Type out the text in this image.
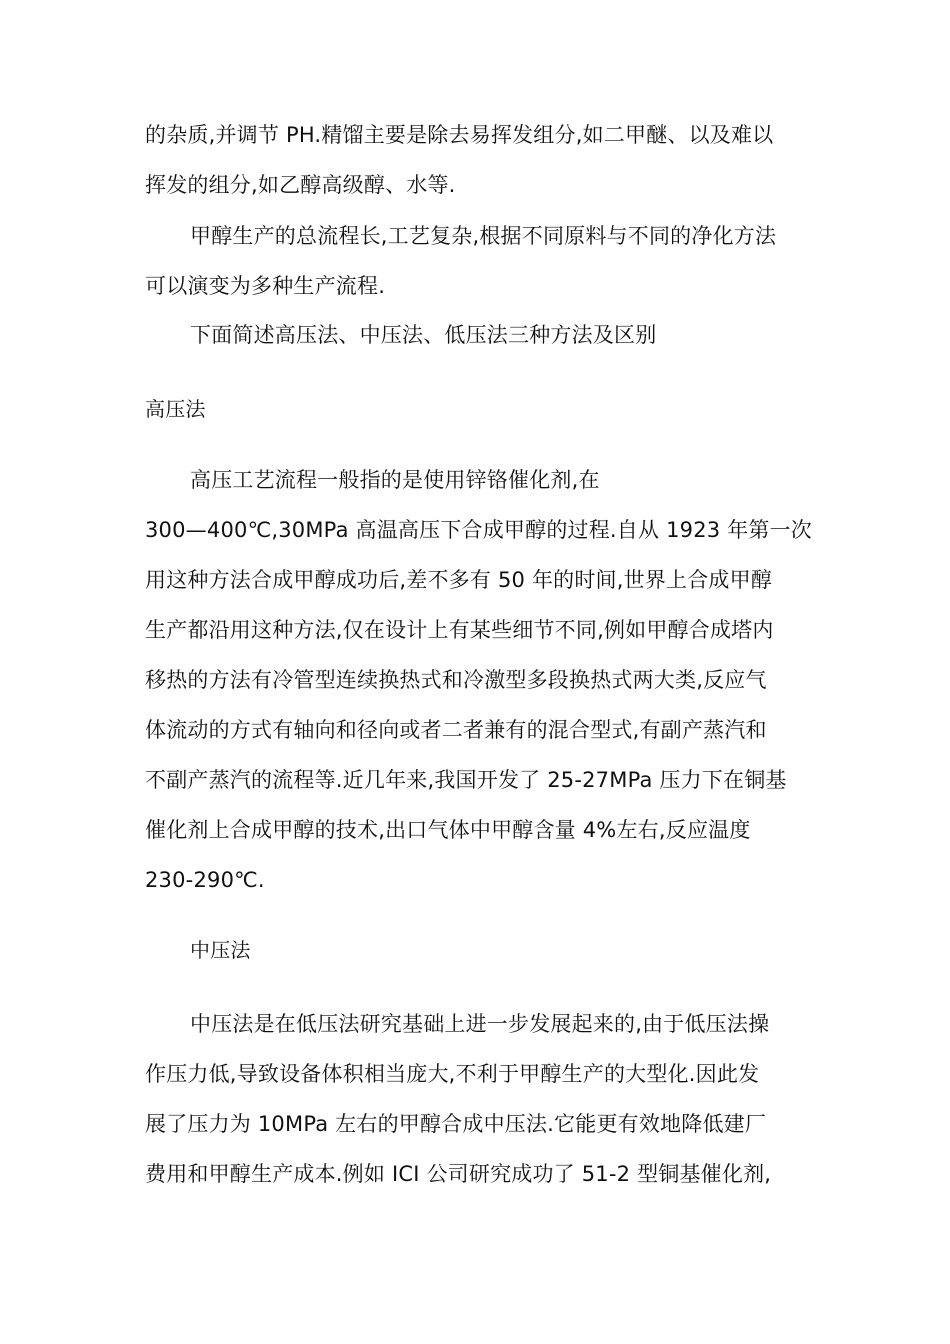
的杂质,并调节 PH.精馏主要是除去易挥发组分,如二甲醚、以及难以
挥发的组分,如乙醇高级醇、水等.
甲醇生产的总流程长,工艺复杂,根据不同原料与不同的净化方法
可以演变为多种生产流程.
下面简述高压法、中压法、低压法三种方法及区别
高压法
高压工艺流程一般指的是使用锌铬催化剂,在
300—400℃,30MPa 高温高压下合成甲醇的过程.自从 1923 年第一次
用这种方法合成甲醇成功后,差不多有 50 年的时间,世界上合成甲醇
生产都沿用这种方法,仅在设计上有某些细节不同,例如甲醇合成塔内
移热的方法有冷管型连续换热式和冷激型多段换热式两大类,反应气
体流动的方式有轴向和径向或者二者兼有的混合型式,有副产蒸汽和
不副产蒸汽的流程等.近几年来,我国开发了 25-27MPa 压力下在铜基
催化剂上合成甲醇的技术,出口气体中甲醇含量 4%左右,反应温度
230-290℃.
中压法
中压法是在低压法研究基础上进一步发展起来的,由于低压法操
作压力低,导致设备体积相当庞大,不利于甲醇生产的大型化.因此发
展了压力为 10MPa 左右的甲醇合成中压法.它能更有效地降低建厂
费用和甲醇生产成本.例如 ICI 公司研究成功了 51-2 型铜基催化剂,
